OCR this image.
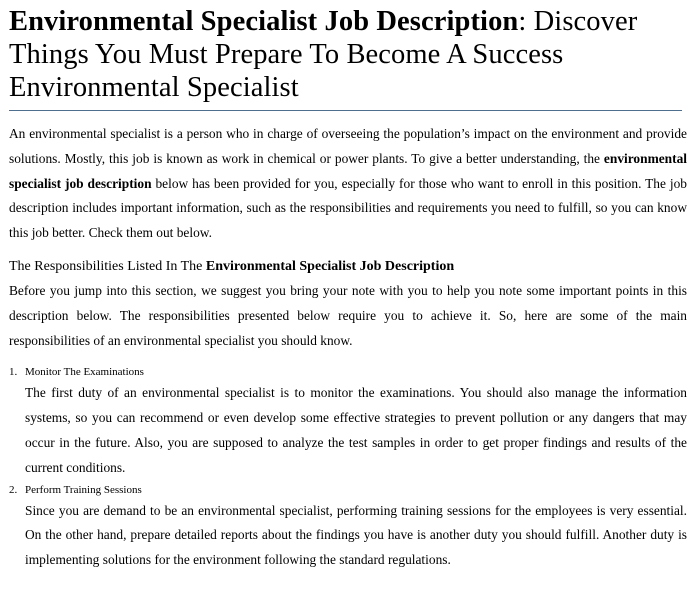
Environmental Specialist Job Description: Discover Things You Must Prepare To Become A Success Environmental Specialist

An environmental specialist is a person who in charge of overseeing the population’s impact on the environment and provide solutions. Mostly, this job is known as work in chemical or power plants. To give a better understanding, the environmental specialist job description below has been provided for you, especially for those who want to enroll in this position. The job description includes important information, such as the responsibilities and requirements you need to fulfill, so you can know this job better. Check them out below.

The Responsibilities Listed In The Environmental Specialist Job Description

Before you jump into this section, we suggest you bring your note with you to help you note some important points in this description below. The responsibilities presented below require you to achieve it. So, here are some of the main responsibilities of an environmental specialist you should know.

1. Monitor The Examinations

The first duty of an environmental specialist is to monitor the examinations. You should also manage the information systems, so you can recommend or even develop some effective strategies to prevent pollution or any dangers that may occur in the future. Also, you are supposed to analyze the test samples in order to get proper findings and results of the current conditions.

2. Perform Training Sessions

Since you are demand to be an environmental specialist, performing training sessions for the employees is very essential. On the other hand, prepare detailed reports about the findings you have is another duty you should fulfill. Another duty is implementing solutions for the environment following the standard regulations.
